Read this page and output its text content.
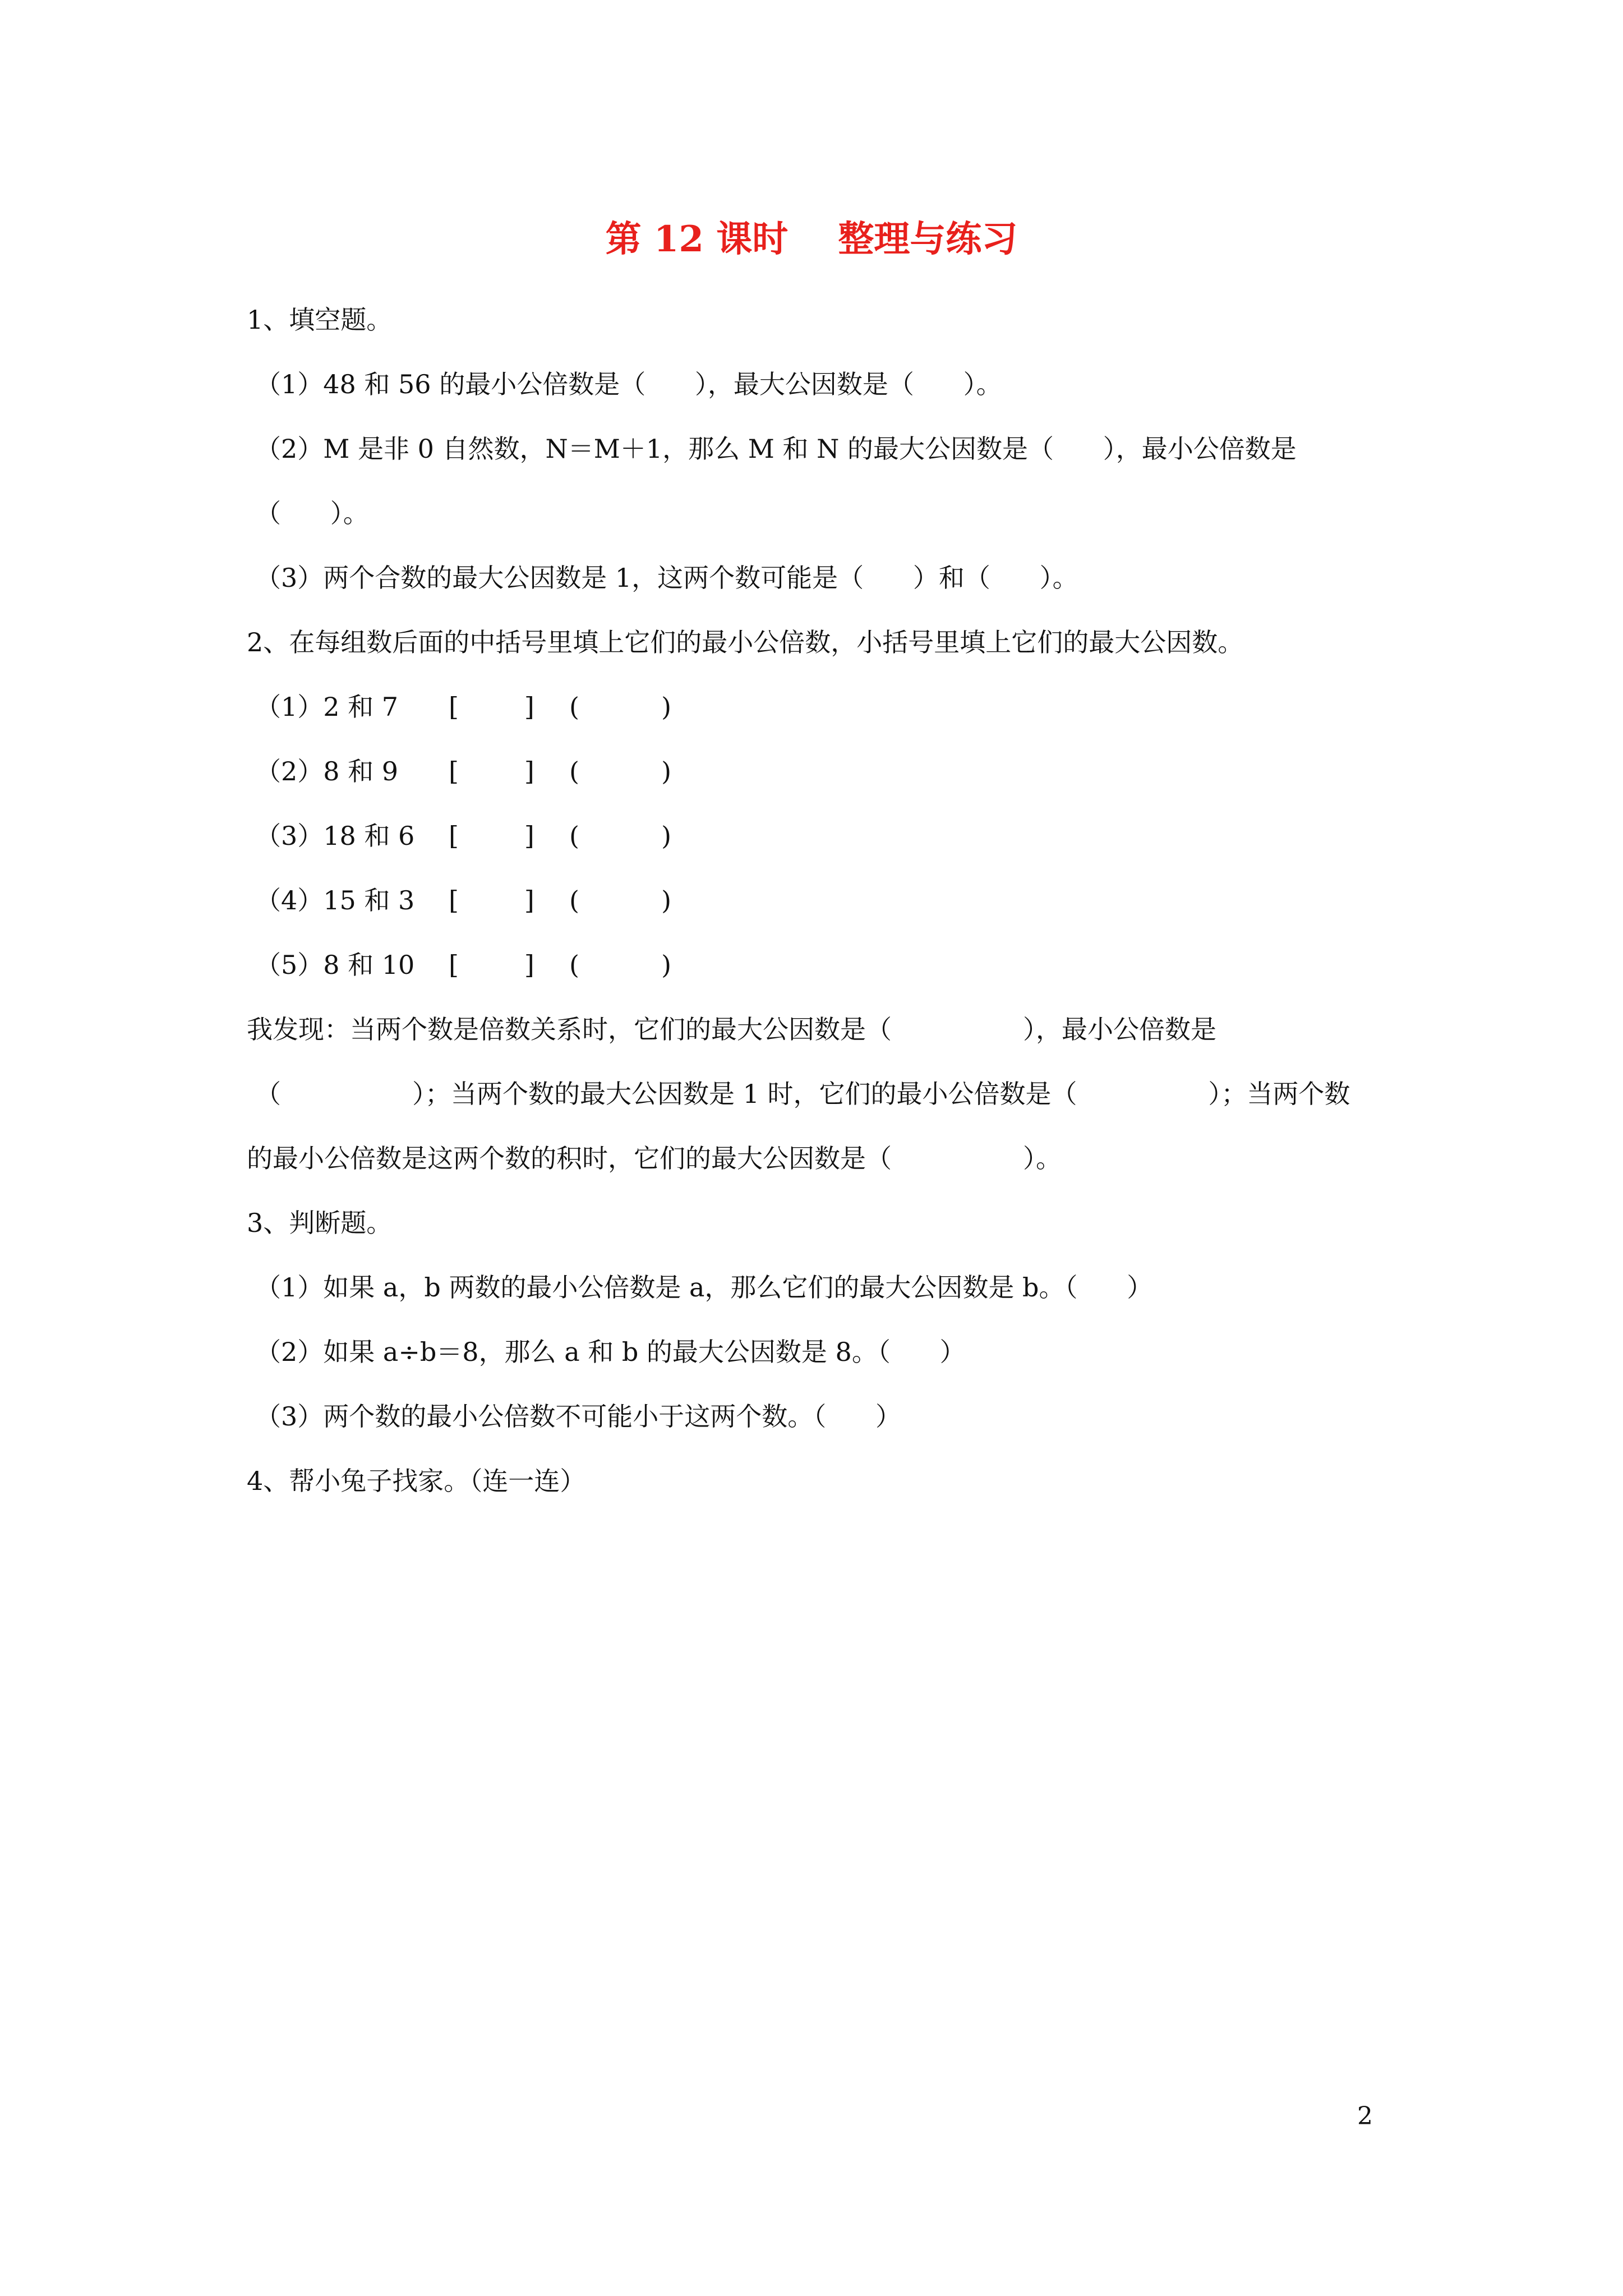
第 12 课时    整理与练习
1、填空题。
（1）48 和 56 的最小公倍数是（      ），最大公因数是（      ）。
（2）M 是非 0 自然数，N＝M＋1，那么 M 和 N 的最大公因数是（      ），最小公倍数是
（      ）。
（3）两个合数的最大公因数是 1，这两个数可能是（      ）和（      ）。
2、在每组数后面的中括号里填上它们的最小公倍数，小括号里填上它们的最大公因数。

（1）2 和 7

[        ]

(          )

（2）8 和 9

[        ]

(          )

（3）18 和 6

[        ]

(          )

（4）15 和 3

[        ]

(          )

（5）8 和 10

[        ]

(          )

我发现：当两个数是倍数关系时，它们的最大公因数是（                ），最小公倍数是
（                ）；当两个数的最大公因数是 1 时，它们的最小公倍数是（                ）；当两个数
的最小公倍数是这两个数的积时，它们的最大公因数是（                ）。
3、判断题。
（1）如果 a，b 两数的最小公倍数是 a，那么它们的最大公因数是 b。（      ）
（2）如果 a÷b＝8，那么 a 和 b 的最大公因数是 8。（      ）
（3）两个数的最小公倍数不可能小于这两个数。（      ）
4、帮小兔子找家。（连一连）
2
